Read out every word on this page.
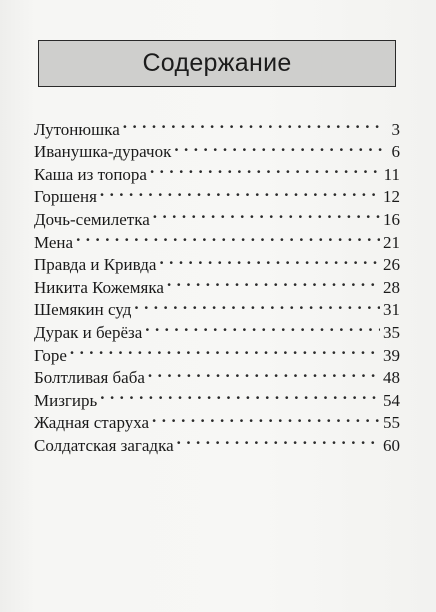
Содержание
Лутонюшка . . .	3
Иванушка-дурачок . . .	6
Каша из топора . . .	11
Горшеня . . .	12
Дочь-семилетка . . .	16
Мена . . .	21
Правда и Кривда . . .	26
Никита Кожемяка . . .	28
Шемякин суд . . .	31
Дурак и берёза . . .	35
Горе . . .	39
Болтливая баба . . .	48
Мизгирь . . .	54
Жадная старуха . . .	55
Солдатская загадка . . .	60
